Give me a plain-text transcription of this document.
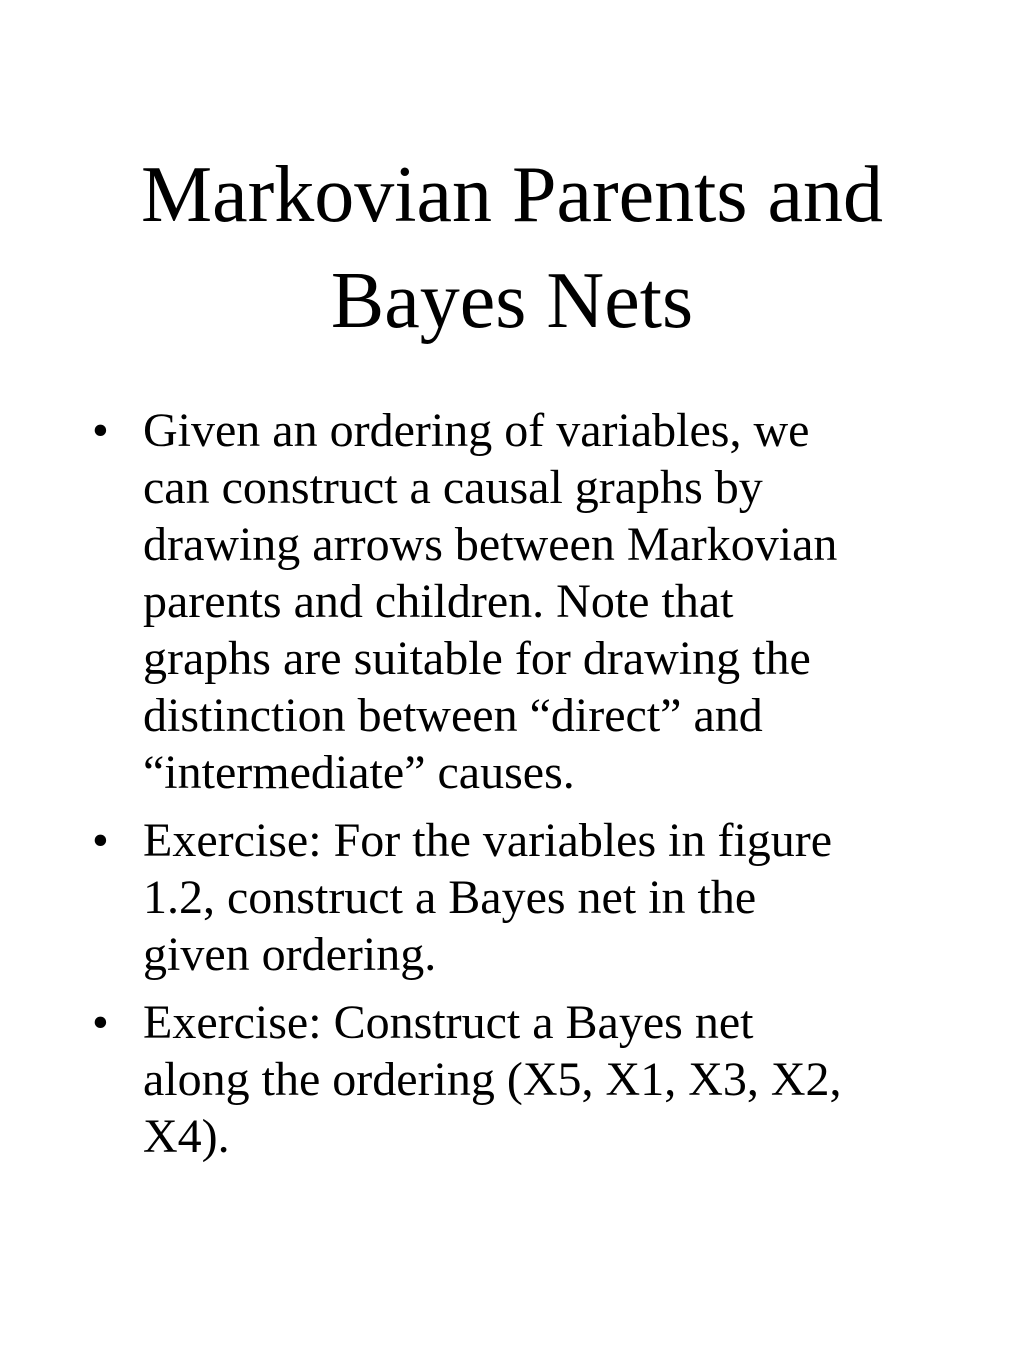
Markovian Parents and
Bayes Nets
• Given an ordering of variables, we
can construct a causal graphs by
drawing arrows between Markovian
parents and children. Note that
graphs are suitable for drawing the
distinction between “direct” and
“intermediate” causes.
• Exercise: For the variables in figure
1.2, construct a Bayes net in the
given ordering.
• Exercise: Construct a Bayes net
along the ordering (X5, X1, X3, X2,
X4).
